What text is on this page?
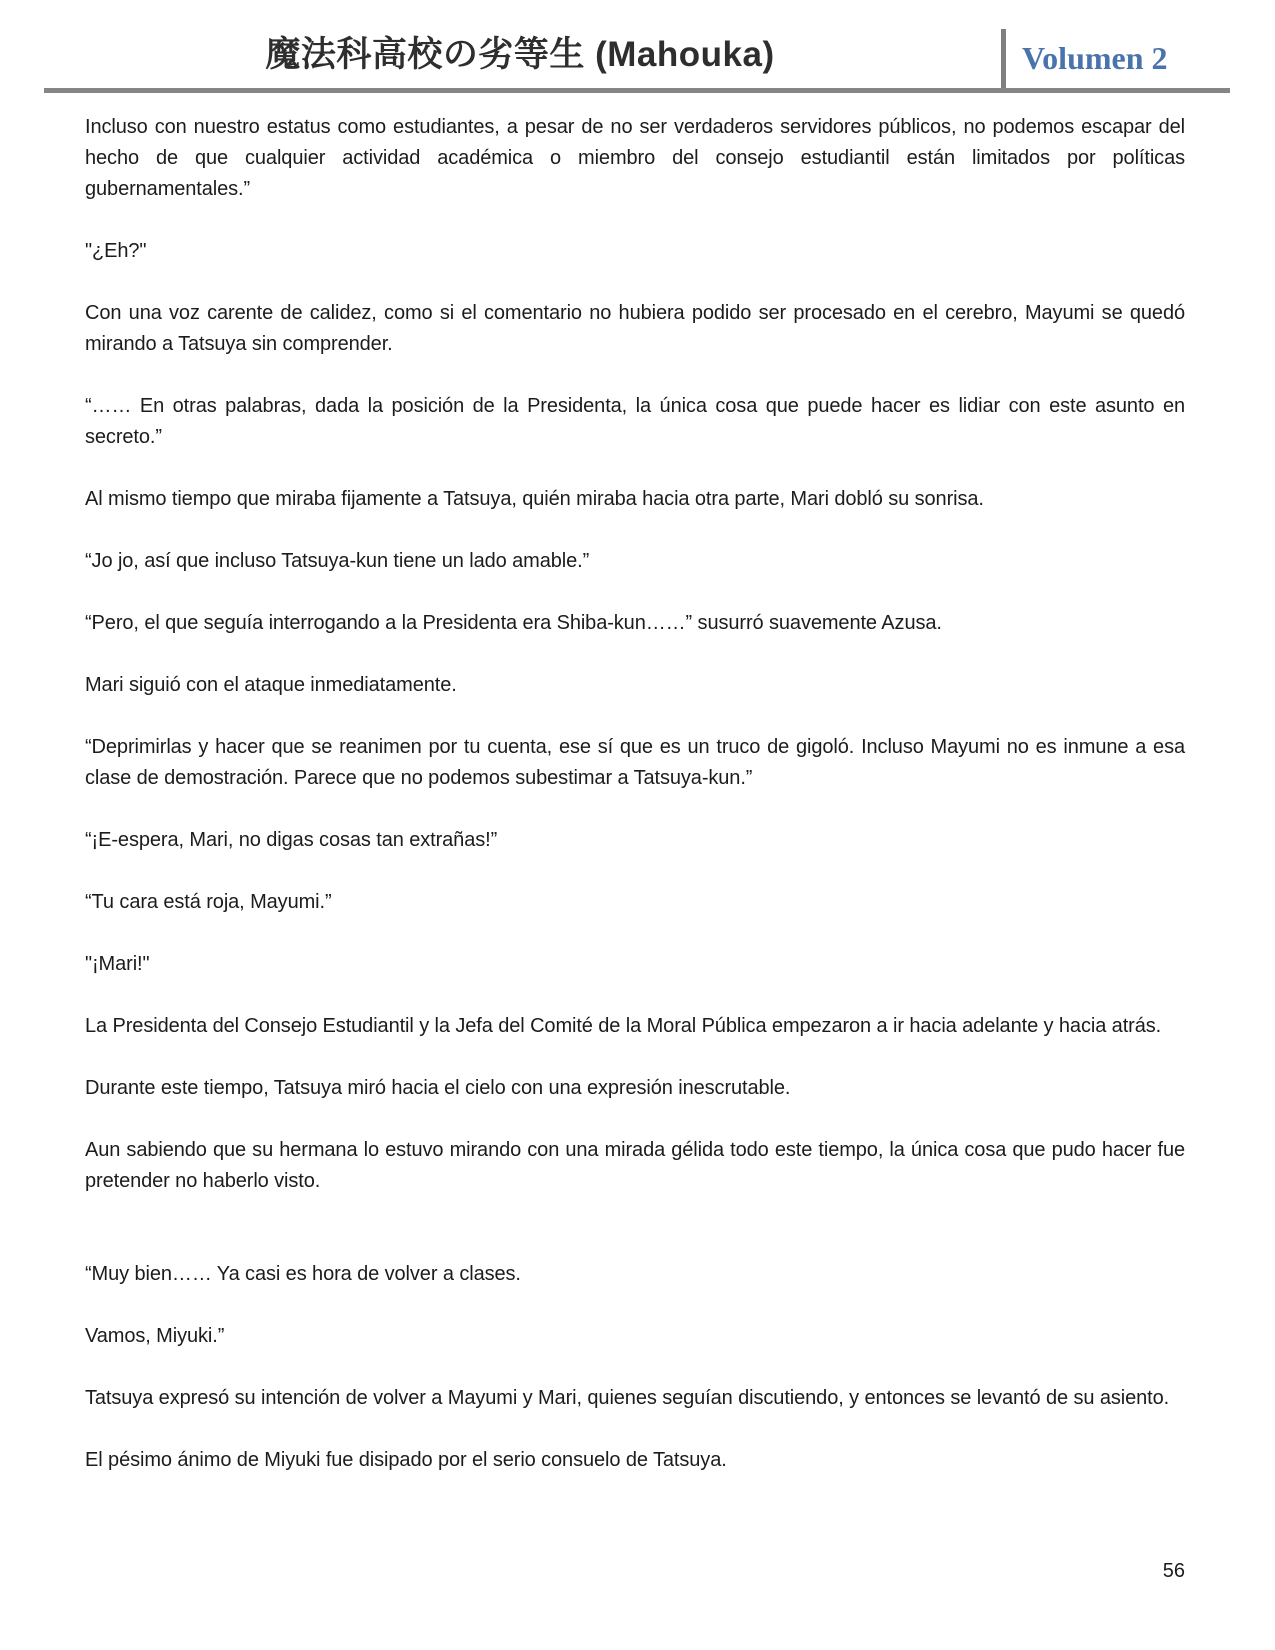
魔法科高校の劣等生 (Mahouka)	Volumen 2

Incluso con nuestro estatus como estudiantes, a pesar de no ser verdaderos servidores públicos, no podemos escapar del hecho de que cualquier actividad académica o miembro del consejo estudiantil están limitados por políticas gubernamentales.”

"¿Eh?"

Con una voz carente de calidez, como si el comentario no hubiera podido ser procesado en el cerebro, Mayumi se quedó mirando a Tatsuya sin comprender.

“…… En otras palabras, dada la posición de la Presidenta, la única cosa que puede hacer es lidiar con este asunto en secreto.”

Al mismo tiempo que miraba fijamente a Tatsuya, quién miraba hacia otra parte, Mari dobló su sonrisa.

“Jo jo, así que incluso Tatsuya-kun tiene un lado amable.”

“Pero, el que seguía interrogando a la Presidenta era Shiba-kun……” susurró suavemente Azusa.

Mari siguió con el ataque inmediatamente.

“Deprimirlas y hacer que se reanimen por tu cuenta, ese sí que es un truco de gigoló. Incluso Mayumi no es inmune a esa clase de demostración. Parece que no podemos subestimar a Tatsuya-kun.”

“¡E-espera, Mari, no digas cosas tan extrañas!”

“Tu cara está roja, Mayumi.”

"¡Mari!"

La Presidenta del Consejo Estudiantil y la Jefa del Comité de la Moral Pública empezaron a ir hacia adelante y hacia atrás.

Durante este tiempo, Tatsuya miró hacia el cielo con una expresión inescrutable.

Aun sabiendo que su hermana lo estuvo mirando con una mirada gélida todo este tiempo, la única cosa que pudo hacer fue pretender no haberlo visto.

“Muy bien…… Ya casi es hora de volver a clases.

Vamos, Miyuki.”

Tatsuya expresó su intención de volver a Mayumi y Mari, quienes seguían discutiendo, y entonces se levantó de su asiento.

El pésimo ánimo de Miyuki fue disipado por el serio consuelo de Tatsuya.

56
